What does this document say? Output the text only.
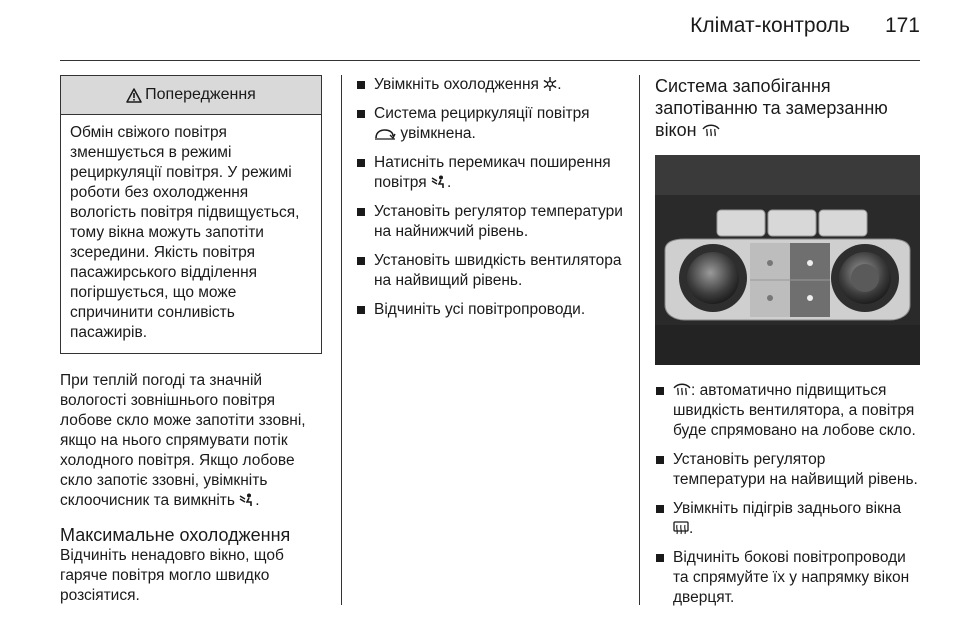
Клімат-контроль 171
Попередження
Обмін свіжого повітря зменшується в режимі рециркуляції повітря. У режимі роботи без охолодження вологість повітря підвищується, тому вікна можуть запотіти зсередини. Якість повітря пасажирського відділення погіршується, що може спричинити сонливість пасажирів.

При теплій погоді та значній вологості зовнішнього повітря лобове скло може запотіти ззовні, якщо на нього спрямувати потік холодного повітря. Якщо лобове скло запотіє ззовні, увімкніть склоочисник та вимкніть .

Максимальне охолодження

Відчиніть ненадовго вікно, щоб гаряче повітря могло швидко розсіятися.

Увімкніть охолодження .
Система рециркуляції повітря
увімкнена.
Натисніть перемикач поширення повітря .
Установіть регулятор температури на найнижчий рівень.
Установіть швидкість вентилятора на найвищий рівень.
Відчиніть усі повітропроводи.
Система запобігання запотіванню та замерзанню вікон
: автоматично підвищиться швидкість вентилятора, а повітря буде спрямовано на лобове скло.
Установіть регулятор температури на найвищий рівень.
Увімкніть підігрів заднього вікна .
Відчиніть бокові повітропроводи та спрямуйте їх у напрямку вікон дверцят.
